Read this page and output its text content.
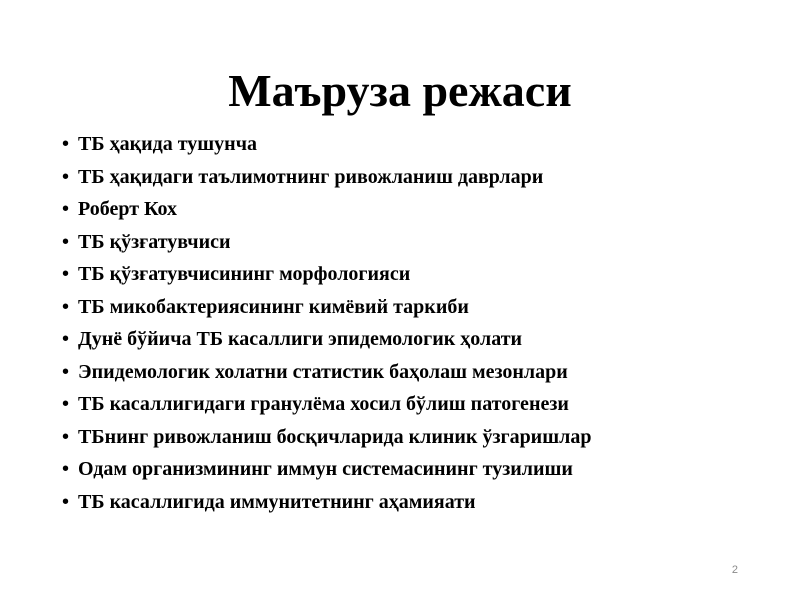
Маъруза режаси
• ТБ ҳақида тушунча
• ТБ ҳақидаги таълимотнинг ривожланиш даврлари
• Роберт Кох
• ТБ қўзғатувчиси
• ТБ қўзғатувчисининг морфологияси
• ТБ микобактериясининг кимёвий таркиби
• Дунё бўйича ТБ касаллиги эпидемологик ҳолати
• Эпидемологик холатни статистик баҳолаш мезонлари
• ТБ касаллигидаги гранулёма хосил бўлиш патогенези
• ТБнинг ривожланиш босқичларида клиник ўзгаришлар
• Одам организмининг иммун системасининг тузилиши
• ТБ касаллигида иммунитетнинг аҳамияати
2
